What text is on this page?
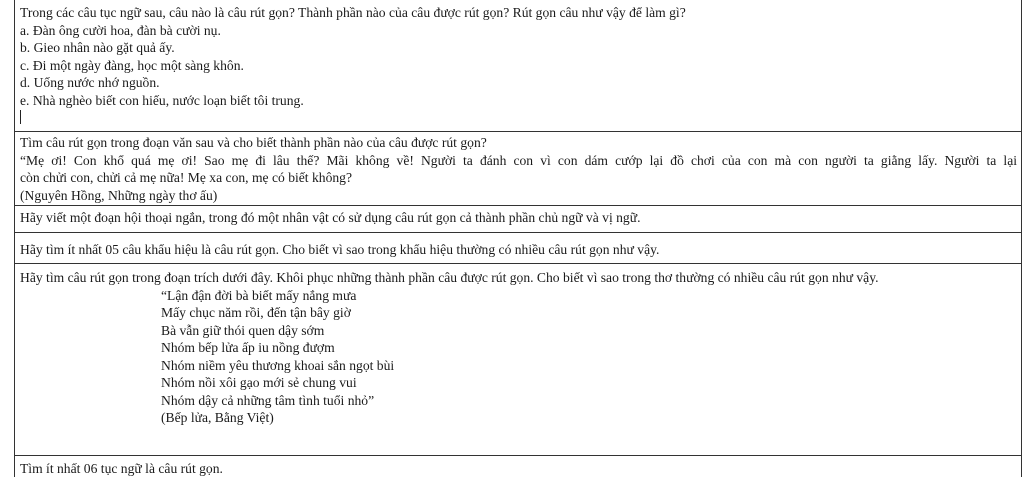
Trong các câu tục ngữ sau, câu nào là câu rút gọn? Thành phần nào của câu được rút gọn? Rút gọn câu như vậy để làm gì?
a. Đàn ông cười hoa, đàn bà cười nụ.
b. Gieo nhân nào gặt quả ấy.
c. Đi một ngày đàng, học một sàng khôn.
d. Uống nước nhớ nguồn.
e. Nhà nghèo biết con hiếu, nước loạn biết tôi trung.
Tìm câu rút gọn trong đoạn văn sau và cho biết thành phần nào của câu được rút gọn?
“Mẹ ơi! Con khổ quá mẹ ơi! Sao mẹ đi lâu thế? Mãi không về! Người ta đánh con vì con dám cướp lại đồ chơi của con mà con người ta giằng lấy. Người ta lại
còn chửi con, chửi cả mẹ nữa! Mẹ xa con, mẹ có biết không?
(Nguyên Hồng, Những ngày thơ ấu)
Hãy viết một đoạn hội thoại ngắn, trong đó một nhân vật có sử dụng câu rút gọn cả thành phần chủ ngữ và vị ngữ.
Hãy tìm ít nhất 05 câu khẩu hiệu là câu rút gọn. Cho biết vì sao trong khẩu hiệu thường có nhiều câu rút gọn như vậy.
Hãy tìm câu rút gọn trong đoạn trích dưới đây. Khôi phục những thành phần câu được rút gọn. Cho biết vì sao trong thơ thường có nhiều câu rút gọn như vậy.
“Lận đận đời bà biết mấy nắng mưa
Mấy chục năm rồi, đến tận bây giờ
Bà vẫn giữ thói quen dậy sớm
Nhóm bếp lửa ấp iu nồng đượm
Nhóm niềm yêu thương khoai sắn ngọt bùi
Nhóm nồi xôi gạo mới sẻ chung vui
Nhóm dậy cả những tâm tình tuổi nhỏ”
(Bếp lửa, Bằng Việt)
Tìm ít nhất 06 tục ngữ là câu rút gọn.
